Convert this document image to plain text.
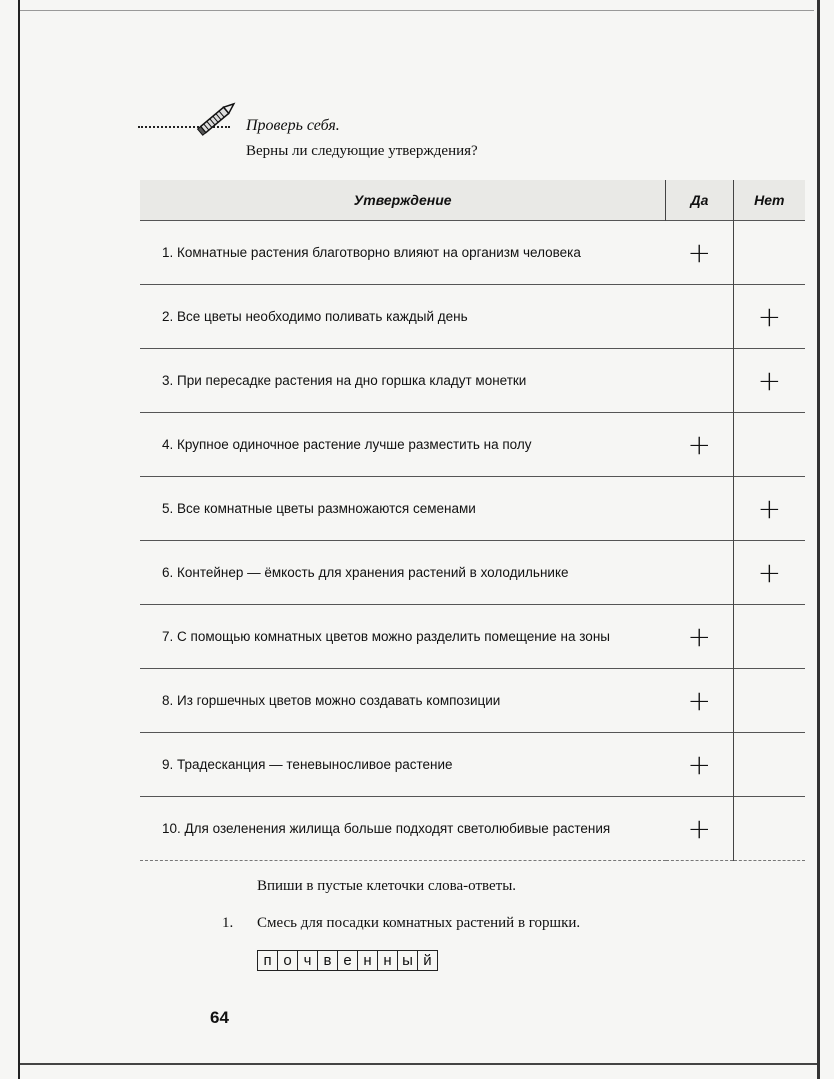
Проверь себя.
Верны ли следующие утверждения?
Утверждение	Да	Нет
1. Комнатные растения благотворно влияют на организм человека	+	
2. Все цветы необходимо поливать каждый день		+
3. При пересадке растения на дно горшка кладут монетки		+
4. Крупное одиночное растение лучше разместить на полу	+	
5. Все комнатные цветы размножаются семенами		+
6. Контейнер — ёмкость для хранения растений в холодильнике		+
7. С помощью комнатных цветов можно разделить помещение на зоны	+	
8. Из горшечных цветов можно создавать композиции	+	
9. Традесканция — теневыносливое растение	+	
10. Для озеленения жилища больше подходят светолюбивые растения	+	
Впиши в пустые клеточки слова-ответы.
1. Смесь для посадки комнатных растений в горшки.
п о ч в е н н ы й
64
